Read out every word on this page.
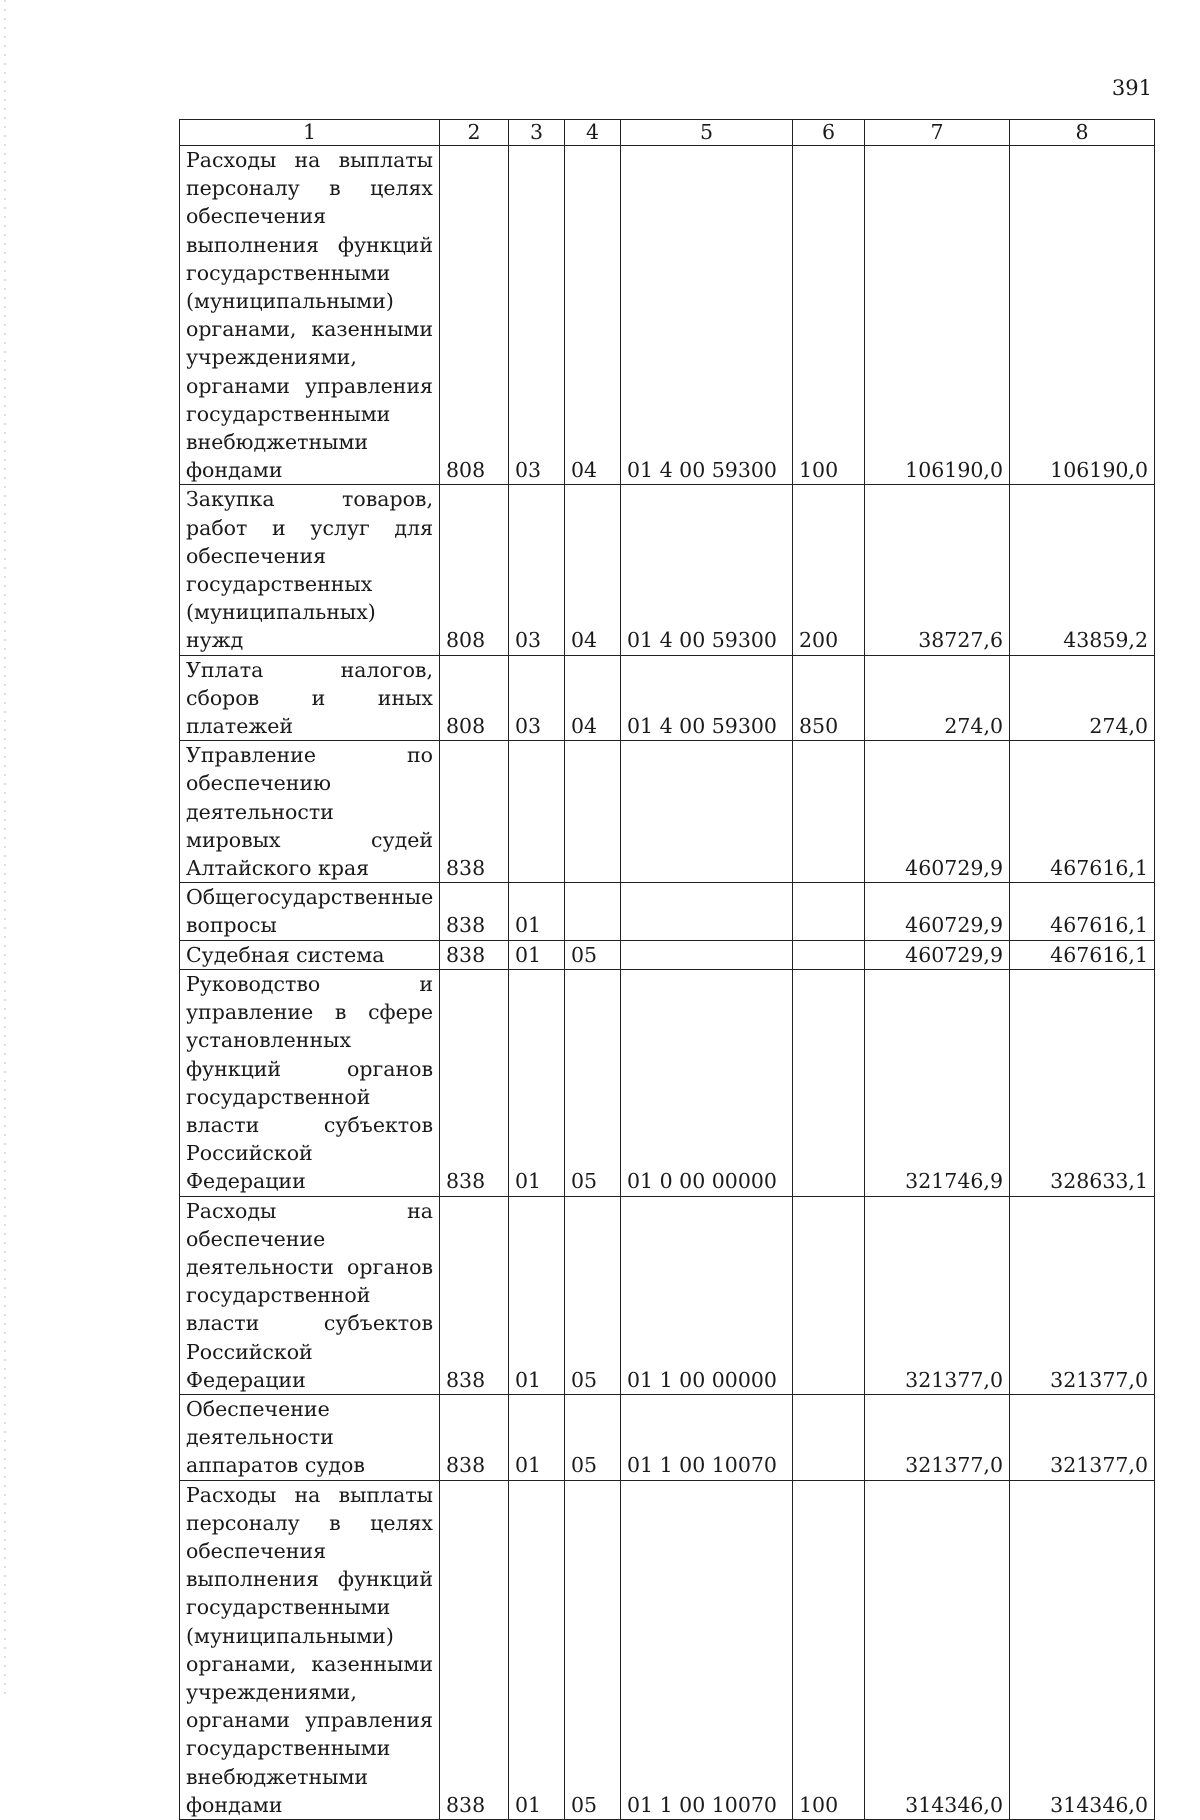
391
1	2	3	4	5	6	7	8
Расходы на выплаты персоналу в целях обеспечения выполнения функций государственными (муниципальными) органами, казенными учреждениями, органами управления государственными внебюджетными фондами	808	03	04	01 4 00 59300	100	106190,0	106190,0
Закупка товаров, работ и услуг для обеспечения государственных (муниципальных) нужд	808	03	04	01 4 00 59300	200	38727,6	43859,2
Уплата налогов, сборов и иных платежей	808	03	04	01 4 00 59300	850	274,0	274,0
Управление по обеспечению деятельности мировых судей Алтайского края	838					460729,9	467616,1
Общегосударственные вопросы	838	01				460729,9	467616,1
Судебная система	838	01	05			460729,9	467616,1
Руководство и управление в сфере установленных функций органов государственной власти субъектов Российской Федерации	838	01	05	01 0 00 00000		321746,9	328633,1
Расходы на обеспечение деятельности органов государственной власти субъектов Российской Федерации	838	01	05	01 1 00 00000		321377,0	321377,0
Обеспечение деятельности аппаратов судов	838	01	05	01 1 00 10070		321377,0	321377,0
Расходы на выплаты персоналу в целях обеспечения выполнения функций государственными (муниципальными) органами, казенными учреждениями, органами управления государственными внебюджетными фондами	838	01	05	01 1 00 10070	100	314346,0	314346,0
